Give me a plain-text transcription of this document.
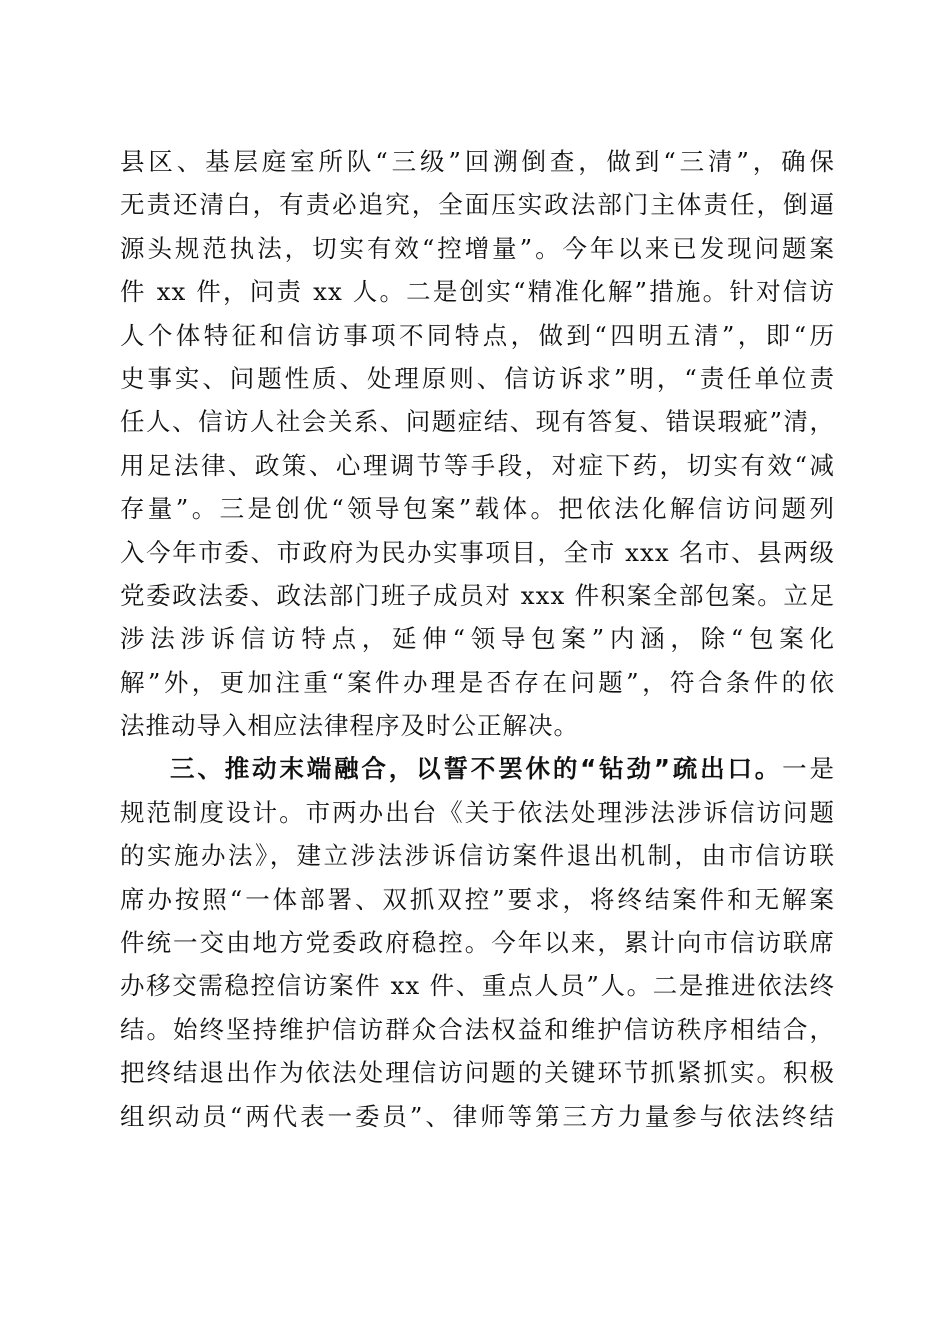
县区、基层庭室所队“三级”回溯倒查，做到“三清”，确保
无责还清白，有责必追究，全面压实政法部门主体责任，倒逼
源头规范执法，切实有效“控增量”。今年以来已发现问题案
件 xx 件，问责 xx 人。二是创实“精准化解”措施。针对信访
人个体特征和信访事项不同特点，做到“四明五清”，即“历
史事实、问题性质、处理原则、信访诉求”明，“责任单位责
任人、信访人社会关系、问题症结、现有答复、错误瑕疵”清，
用足法律、政策、心理调节等手段，对症下药，切实有效“减
存量”。三是创优“领导包案”载体。把依法化解信访问题列
入今年市委、市政府为民办实事项目，全市 xxx 名市、县两级
党委政法委、政法部门班子成员对 xxx 件积案全部包案。立足
涉法涉诉信访特点，延伸“领导包案”内涵，除“包案化
解”外，更加注重“案件办理是否存在问题”，符合条件的依
法推动导入相应法律程序及时公正解决。
三、推动末端融合，以誓不罢休的“钻劲”疏出口。一是
规范制度设计。市两办出台《关于依法处理涉法涉诉信访问题
的实施办法》，建立涉法涉诉信访案件退出机制，由市信访联
席办按照“一体部署、双抓双控”要求，将终结案件和无解案
件统一交由地方党委政府稳控。今年以来，累计向市信访联席
办移交需稳控信访案件 xx 件、重点人员”人。二是推进依法终
结。始终坚持维护信访群众合法权益和维护信访秩序相结合，
把终结退出作为依法处理信访问题的关键环节抓紧抓实。积极
组织动员“两代表一委员”、律师等第三方力量参与依法终结
